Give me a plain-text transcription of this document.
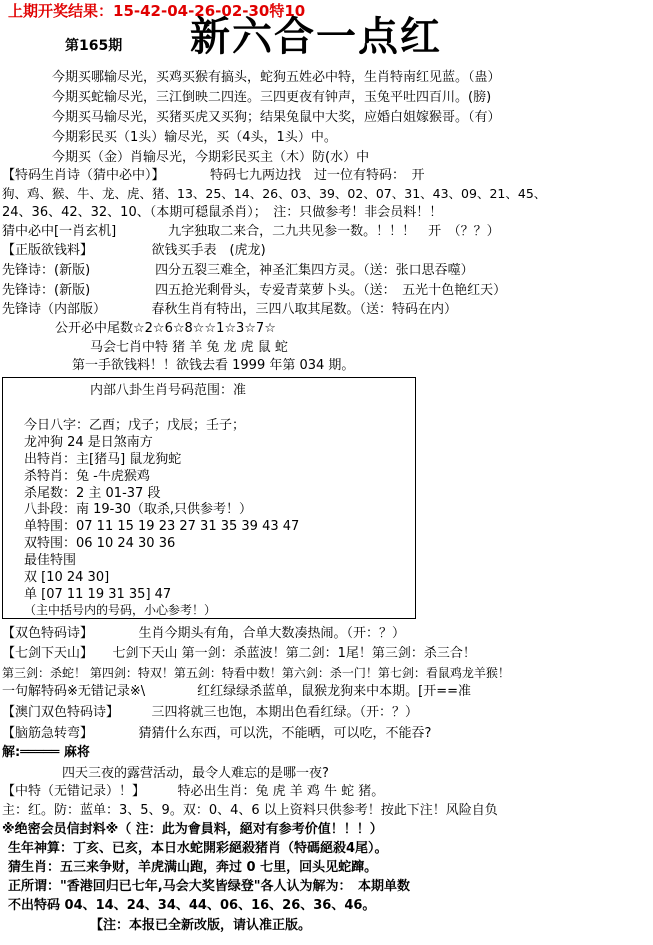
上期开奖结果：15-42-04-26-02-30特10
第165期 新六合一点红
今期买哪输尽光，买鸡买猴有搞头，蛇狗五姓必中特，生肖特南红见蓝。（蛊）
今期买蛇输尽光，三江倒映二四连。三四更夜有钟声，玉兔平吐四百川。(膀)
今期买马输尽光，买猪买虎又买狗；结果兔鼠中大奖，应婚白姐嫁猴哥。（有）
今期彩民买（1头）输尽光，买（4头，1头）中。
今期买（金）肖输尽光，今期彩民买主（木）防(水）中
【特码生肖诗（猜中必中）】　　　　特码七九两边找　过一位有特码：　开
狗、鸡、猴、牛、龙、虎、猪、13、25、14、26、03、39、02、07、31、43、09、21、45、
24、36、42、32、10、（本期可穏鼠杀肖）；　注：只做参考！非会员料！！
猜中必中[一肖玄机]　　　　九字独取二来合，二九共见参一数。！！！　开　（？？）
【正版欲钱料】　　　　　欲钱买手表　(虎龙)
先锋诗：(新版)　　　　　四分五裂三难全，神圣汇集四方灵。（送：张口思吞噬）
先锋诗：(新版)　　　　　四五抢光剩骨头，专爱青菜萝卜头。（送：　五光十色艳红天）
先锋诗（内部版）　　　　春秋生肖有特出，三四八取其尾数。（送：特码在内）
公开必中尾数☆2☆6☆8☆☆1☆3☆7☆
马会七肖中特 猪 羊 兔 龙 虎 鼠 蛇
第一手欲钱料！！欲钱去看 1999 年第 034 期。
内部八卦生肖号码范围：准
今日八字：乙酉；戊子；戊辰；壬子；
龙冲狗 24 是日煞南方
出特肖：主[猪马] 鼠龙狗蛇
杀特肖：兔 -牛虎猴鸡
杀尾数：2 主 01-37 段
八卦段：南 19-30（取杀,只供参考！）
单特围：07 11 15 19 23 27 31 35 39 43 47
双特围：06 10 24 30 36
最佳特围
双 [10 24 30]
单 [07 11 19 31 35] 47
（主中括号内的号码，小心参考！）
【双色特码诗】　　　　生肖今期头有角，合单大数凑热闹。（开：？）
【七剑下天山】　　七剑下天山 第一剑：杀蓝波！第二剑：1尾！第三剑：杀三合！
第三剑：杀蛇！ 第四剑：特双！第五剑：特看中数！第六剑：杀一门！第七剑：看鼠鸡龙羊猴！
一句解特码※无错记录※\　　　　红红绿绿杀蓝单，鼠猴龙狗来中本期。[开==准
【澳门双色特码诗】　　　三四将就三也饱，本期出色看红绿。（开：？）
【脑筋急转弯】　　　　猜猜什么东西，可以洗，不能晒，可以吃，不能吞?
解:═════ 麻将
四天三夜的露营活动，最令人难忘的是哪一夜?
【中特（无错记录）！】　　　特必出生肖：兔 虎 羊 鸡 牛 蛇 猪。
主：红。防：蓝单：3、5、9。双：0、4、6 以上资料只供参考！按此下注！风险自负
※绝密会员信封料※（ 注：此为會員料，絕对有参考价值！！！）
生年神算：丁亥、已亥，本日水蛇開彩絕殺猪肖（特碼絕殺4尾）。
猜生肖：五三来争财，羊虎满山跑，奔过 0 七里，回头见蛇蹿。
正所谓："香港回归已七年,马会大奖皆绿登"各人认为解为：　本期单数
不出特码 04、14、24、34、44、06、16、26、36、46。
【注：本报已全新改版，请认准正版。
